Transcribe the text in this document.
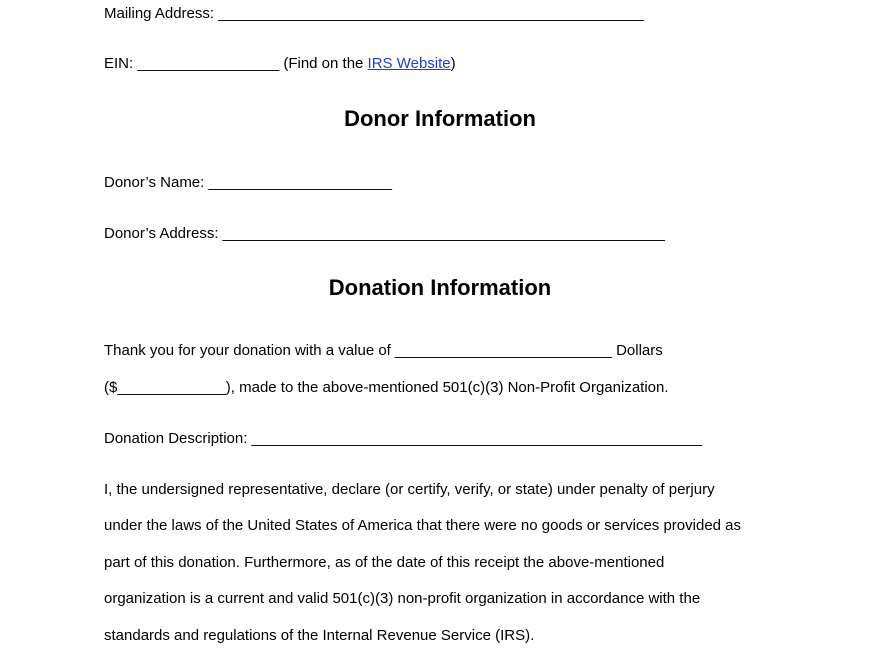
Mailing Address: ___________________________________________________
EIN: _________________ (Find on the IRS Website)
Donor Information
Donor’s Name: ______________________
Donor’s Address: _____________________________________________________
Donation Information
Thank you for your donation with a value of __________________________ Dollars
($_____________), made to the above-mentioned 501(c)(3) Non-Profit Organization.
Donation Description: ______________________________________________________
I, the undersigned representative, declare (or certify, verify, or state) under penalty of perjury
under the laws of the United States of America that there were no goods or services provided as
part of this donation. Furthermore, as of the date of this receipt the above-mentioned
organization is a current and valid 501(c)(3) non-profit organization in accordance with the
standards and regulations of the Internal Revenue Service (IRS).
